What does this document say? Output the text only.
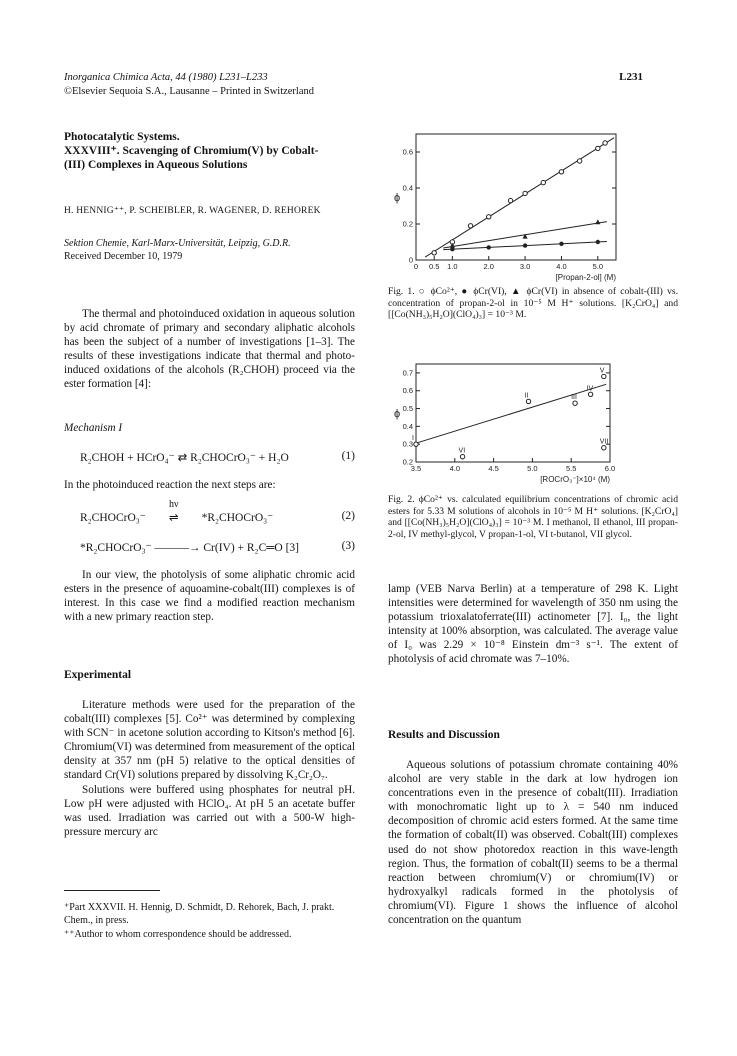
Inorganica Chimica Acta, 44 (1980) L231–L233
©Elsevier Sequoia S.A., Lausanne – Printed in Switzerland
L231
Photocatalytic Systems.
XXXVIII⁺. Scavenging of Chromium(V) by Cobalt-
(III) Complexes in Aqueous Solutions
H. HENNIG⁺⁺, P. SCHEIBLER, R. WAGENER, D. REHOREK
Sektion Chemie, Karl-Marx-Universität, Leipzig, G.D.R.
Received December 10, 1979

The thermal and photoinduced oxidation in aqueous solution by acid chromate of primary and secondary aliphatic alcohols has been the subject of a number of investigations [1–3]. The results of these investigations indicate that thermal and photo-induced oxidations of the alcohols (R₂CHOH) proceed via the ester formation [4]:

Mechanism I
R₂CHOH + HCrO₄⁻ ⇄ R₂CHOCrO₃⁻ + H₂O	(1)
In the photoinduced reaction the next steps are:
R₂CHOCrO₃⁻
hν
⇌ *R₂CHOCrO₃⁻	(2)
*R₂CHOCrO₃⁻ ———→ Cr(IV) + R₂C═O [3]	(3)

In our view, the photolysis of some aliphatic chromic acid esters in the presence of aquoamine-cobalt(III) complexes is of interest. In this case we find a modified reaction mechanism with a new primary reaction step.

Experimental

Literature methods were used for the preparation of the cobalt(III) complexes [5]. Co²⁺ was determined by complexing with SCN⁻ in acetone solution according to Kitson's method [6]. Chromium(VI) was determined from measurement of the optical density at 357 nm (pH 5) relative to the optical densities of standard Cr(VI) solutions prepared by dissolving K₂Cr₂O₇.

Solutions were buffered using phosphates for neutral pH. Low pH were adjusted with HClO₄. At pH 5 an acetate buffer was used. Irradiation was carried out with a 500-W high-pressure mercury arc

⁺Part XXXVII. H. Hennig, D. Schmidt, D. Rehorek, Bach, J. prakt. Chem., in press.
⁺⁺Author to whom correspondence should be addressed.
0 0.5 1.0	2.0	3.0	4.0	5.0
0
0.2
0.4
0.6
ϕ
[Propan-2-ol] (M)
Fig. 1. ○ ϕCo²⁺, ● ϕCr(VI), ▲ ϕCr(VI) in absence of cobalt-(III) vs. concentration of propan-2-ol in 10⁻⁵ M H⁺ solutions. [K₂CrO₄] and [[Co(NH₃)₅H₂O](ClO₄)₃] = 10⁻³ M.
3.5	4.0	4.5	5.0	5.5	6.0
0.2
0.3
0.4
0.5
0.6
0.7
ϕ
[ROCrO₃⁻]×10⁴ (M)
I
VI
II	III
IV
V
VII
Fig. 2. ϕCo²⁺ vs. calculated equilibrium concentrations of chromic acid esters for 5.33 M solutions of alcohols in 10⁻⁵ M H⁺ solutions. [K₂CrO₄] and [[Co(NH₃)₅H₂O](ClO₄)₃] = 10⁻³ M. I methanol, II ethanol, III propan-2-ol, IV methyl-glycol, V propan-1-ol, VI t-butanol, VII glycol.

lamp (VEB Narva Berlin) at a temperature of 298 K. Light intensities were determined for wavelength of 350 nm using the potassium trioxalatoferrate(III) actinometer [7]. I₀, the light intensity at 100% absorption, was calculated. The average value of I₀ was 2.29 × 10⁻⁸ Einstein dm⁻³ s⁻¹. The extent of photolysis of acid chromate was 7–10%.

Results and Discussion

Aqueous solutions of potassium chromate containing 40% alcohol are very stable in the dark at low hydrogen ion concentrations even in the presence of cobalt(III). Irradiation with monochromatic light up to λ = 540 nm induced decomposition of chromic acid esters formed. At the same time the formation of cobalt(II) was observed. Cobalt(III) complexes used do not show photoredox reaction in this wave-length region. Thus, the formation of cobalt(II) seems to be a thermal reaction between chromium(V) or chromium(IV) or hydroxyalkyl radicals formed in the photolysis of chromium(VI). Figure 1 shows the influence of alcohol concentration on the quantum
